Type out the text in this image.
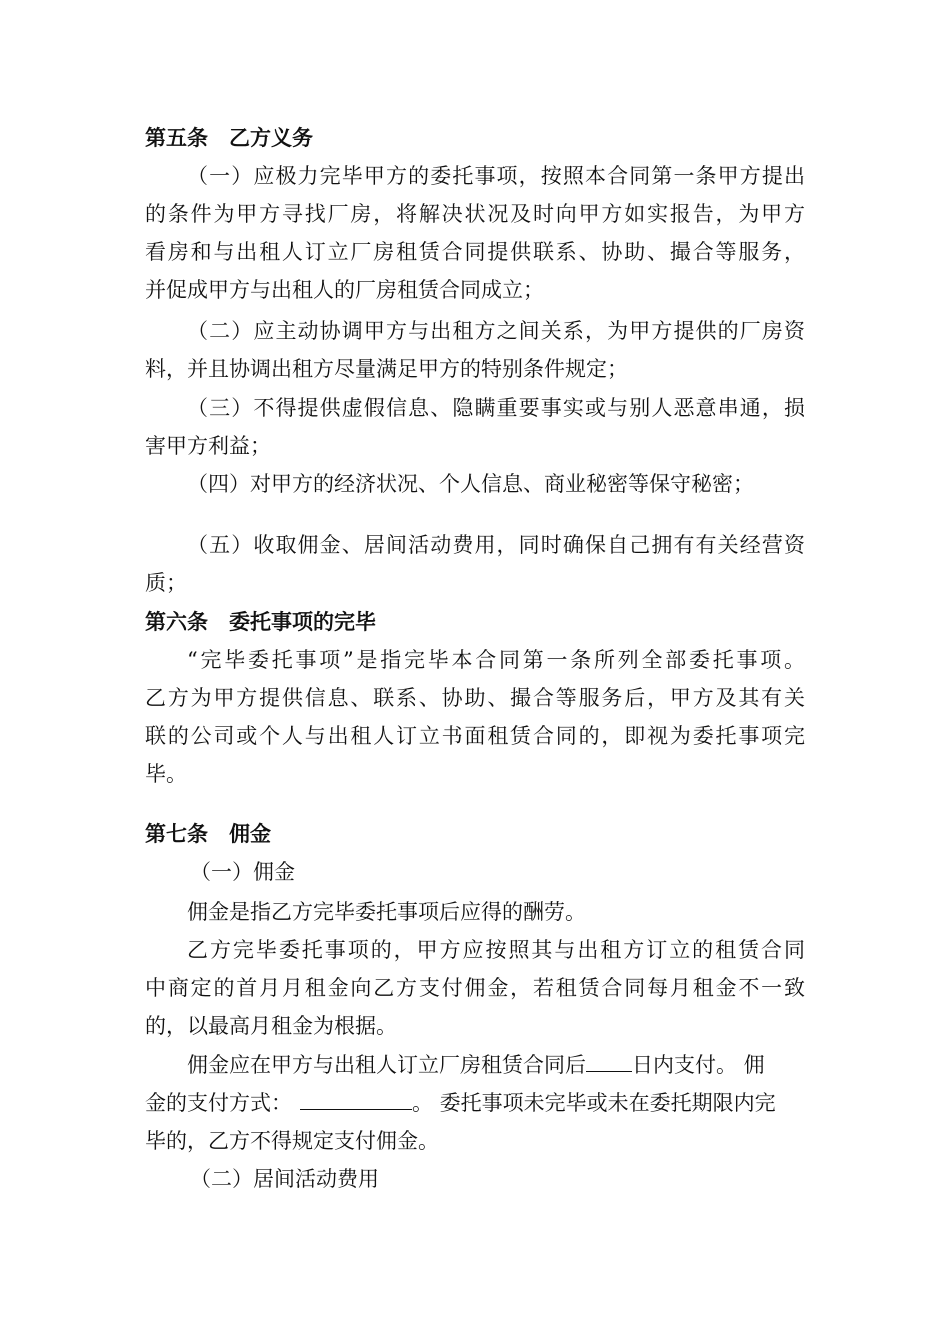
第五条　乙方义务
（一）应极力完毕甲方的委托事项，按照本合同第一条甲方提出
的条件为甲方寻找厂房，将解决状况及时向甲方如实报告，为甲方
看房和与出租人订立厂房租赁合同提供联系、协助、撮合等服务，
并促成甲方与出租人的厂房租赁合同成立；
（二）应主动协调甲方与出租方之间关系，为甲方提供的厂房资
料，并且协调出租方尽量满足甲方的特别条件规定；
（三）不得提供虚假信息、隐瞒重要事实或与别人恶意串通，损
害甲方利益；
（四）对甲方的经济状况、个人信息、商业秘密等保守秘密；
（五）收取佣金、居间活动费用，同时确保自己拥有有关经营资
质；
第六条　委托事项的完毕
“完毕委托事项”是指完毕本合同第一条所列全部委托事项。
乙方为甲方提供信息、联系、协助、撮合等服务后，甲方及其有关
联的公司或个人与出租人订立书面租赁合同的，即视为委托事项完
毕。
第七条　佣金
（一）佣金
佣金是指乙方完毕委托事项后应得的酬劳。
乙方完毕委托事项的，甲方应按照其与出租方订立的租赁合同
中商定的首月月租金向乙方支付佣金，若租赁合同每月租金不一致
的，以最高月租金为根据。
佣金应在甲方与出租人订立厂房租赁合同后 日内支付。 佣
金的支付方式：	。 委托事项未完毕或未在委托期限内完
毕的，乙方不得规定支付佣金。
（二）居间活动费用
